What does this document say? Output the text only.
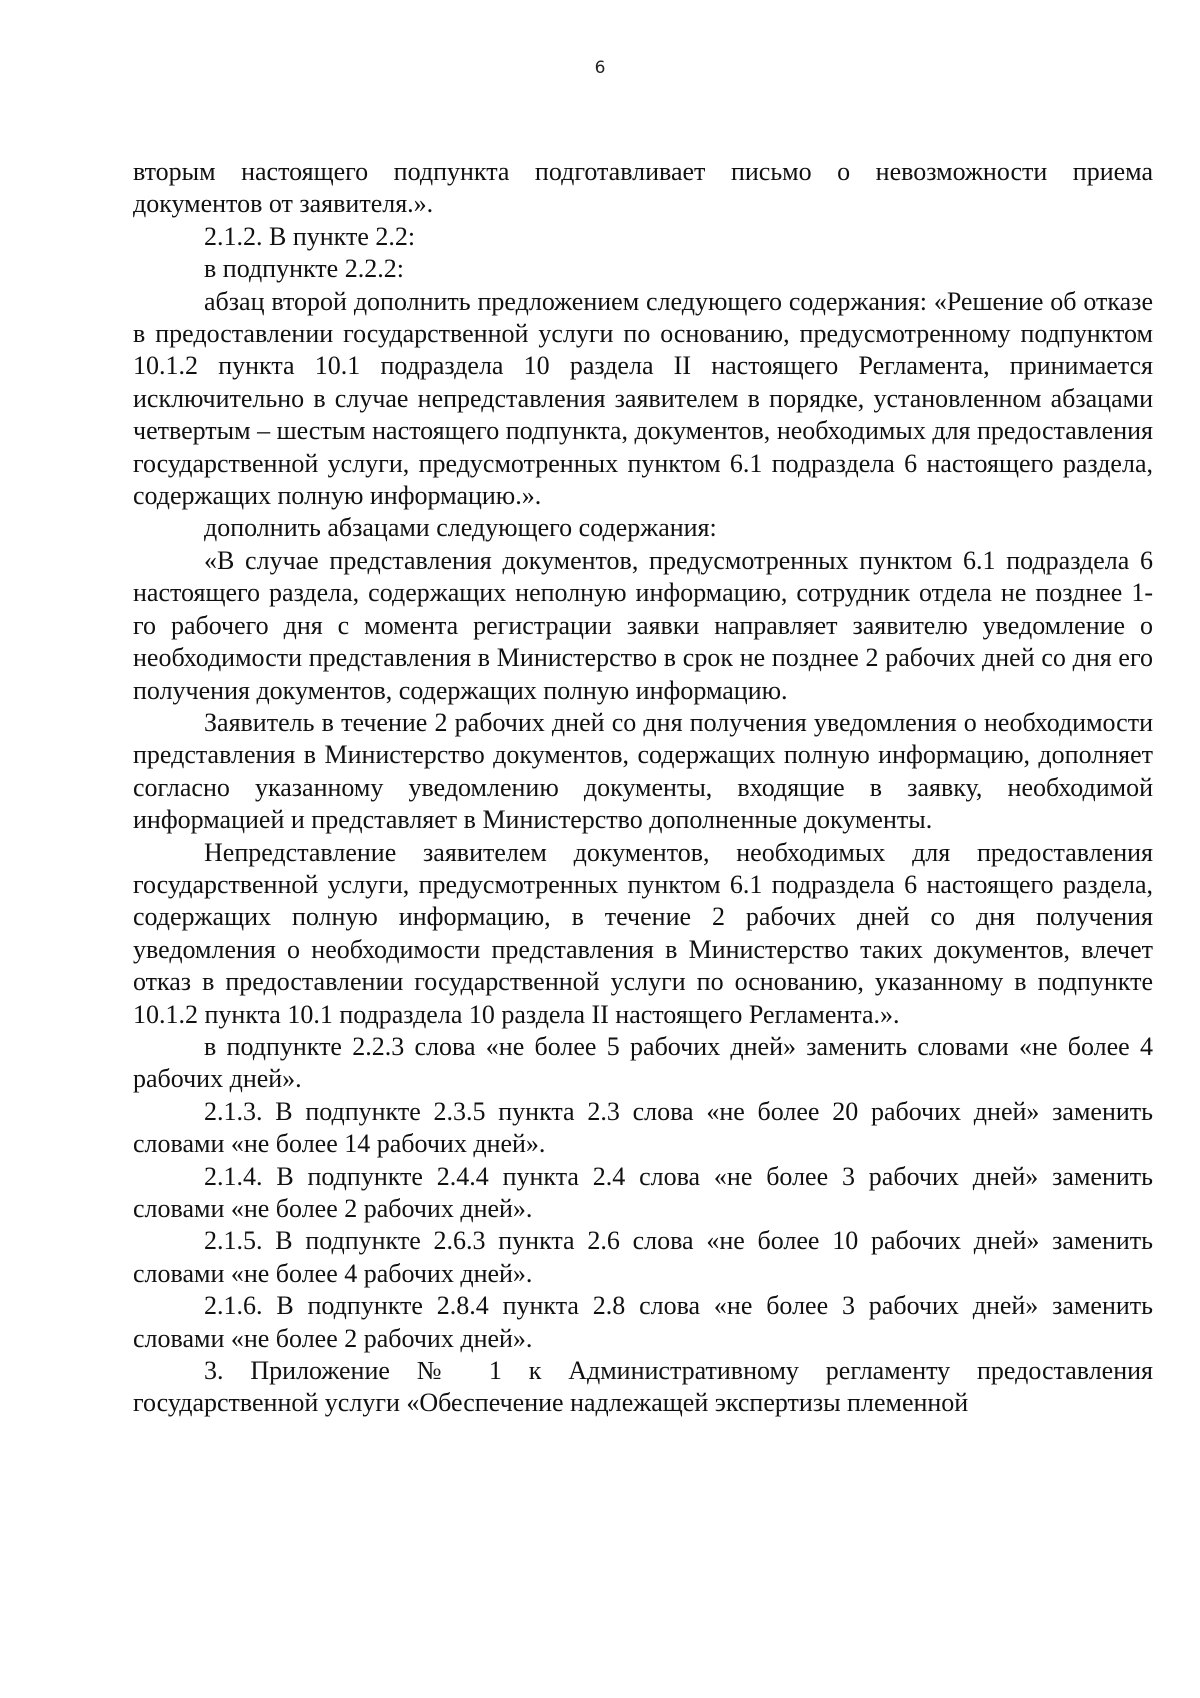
6

вторым настоящего подпункта подготавливает письмо о невозможности приема документов от заявителя.».

2.1.2. В пункте 2.2:

в подпункте 2.2.2:

абзац второй дополнить предложением следующего содержания: «Решение об отказе в предоставлении государственной услуги по основанию, предусмотренному подпунктом 10.1.2 пункта 10.1 подраздела 10 раздела II настоящего Регламента, принимается исключительно в случае непредставления заявителем в порядке, установленном абзацами четвертым – шестым настоящего подпункта, документов, необходимых для предоставления государственной услуги, предусмотренных пунктом 6.1 подраздела 6 настоящего раздела, содержащих полную информацию.».

дополнить абзацами следующего содержания:

«В случае представления документов, предусмотренных пунктом 6.1 подраздела 6 настоящего раздела, содержащих неполную информацию, сотрудник отдела не позднее 1-го рабочего дня с момента регистрации заявки направляет заявителю уведомление о необходимости представления в Министерство в срок не позднее 2 рабочих дней со дня его получения документов, содержащих полную информацию.

Заявитель в течение 2 рабочих дней со дня получения уведомления о необходимости представления в Министерство документов, содержащих полную информацию, дополняет согласно указанному уведомлению документы, входящие в заявку, необходимой информацией и представляет в Министерство дополненные документы.

Непредставление заявителем документов, необходимых для предоставления государственной услуги, предусмотренных пунктом 6.1 подраздела 6 настоящего раздела, содержащих полную информацию, в течение 2 рабочих дней со дня получения уведомления о необходимости представления в Министерство таких документов, влечет отказ в предоставлении государственной услуги по основанию, указанному в подпункте 10.1.2 пункта 10.1 подраздела 10 раздела II настоящего Регламента.».

в подпункте 2.2.3 слова «не более 5 рабочих дней» заменить словами «не более 4 рабочих дней».

2.1.3. В подпункте 2.3.5 пункта 2.3 слова «не более 20 рабочих дней» заменить словами «не более 14 рабочих дней».

2.1.4. В подпункте 2.4.4 пункта 2.4 слова «не более 3 рабочих дней» заменить словами «не более 2 рабочих дней».

2.1.5. В подпункте 2.6.3 пункта 2.6 слова «не более 10 рабочих дней» заменить словами «не более 4 рабочих дней».

2.1.6. В подпункте 2.8.4 пункта 2.8 слова «не более 3 рабочих дней» заменить словами «не более 2 рабочих дней».

3. Приложение № 1 к Административному регламенту предоставления государственной услуги «Обеспечение надлежащей экспертизы племенной
